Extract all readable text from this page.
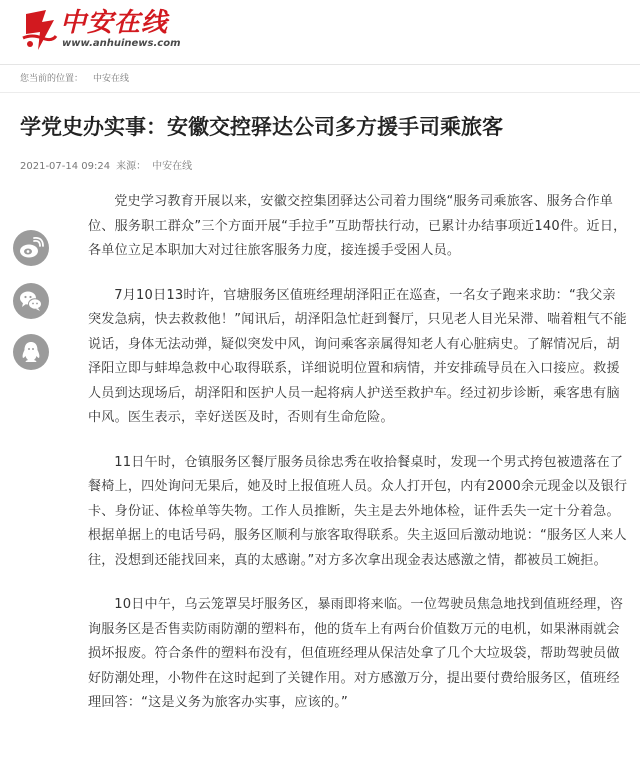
中安在线
www.anhuinews.com
您当前的位置： 中安在线
学党史办实事：安徽交控驿达公司多方援手司乘旅客
2021-07-14 09:24 来源： 中安在线

党史学习教育开展以来，安徽交控集团驿达公司着力围绕“服务司乘旅客、服务合作单位、服务职工群众”三个方面开展“手拉手”互助帮扶行动，已累计办结事项近140件。近日，各单位立足本职加大对过往旅客服务力度，接连援手受困人员。

7月10日13时许，官塘服务区值班经理胡泽阳正在巡查，一名女子跑来求助：“我父亲突发急病，快去救救他！”闻讯后，胡泽阳急忙赶到餐厅，只见老人目光呆滞、喘着粗气不能说话，身体无法动弹，疑似突发中风，询问乘客亲属得知老人有心脏病史。了解情况后，胡泽阳立即与蚌埠急救中心取得联系，详细说明位置和病情，并安排疏导员在入口接应。救援人员到达现场后，胡泽阳和医护人员一起将病人护送至救护车。经过初步诊断，乘客患有脑中风。医生表示，幸好送医及时，否则有生命危险。

11日午时，仓镇服务区餐厅服务员徐忠秀在收拾餐桌时，发现一个男式挎包被遗落在了餐椅上，四处询问无果后，她及时上报值班人员。众人打开包，内有2000余元现金以及银行卡、身份证、体检单等失物。工作人员推断，失主是去外地体检，证件丢失一定十分着急。根据单据上的电话号码，服务区顺利与旅客取得联系。失主返回后激动地说：“服务区人来人往，没想到还能找回来，真的太感谢。”对方多次拿出现金表达感激之情，都被员工婉拒。

10日中午，乌云笼罩吴圩服务区，暴雨即将来临。一位驾驶员焦急地找到值班经理，咨询服务区是否售卖防雨防潮的塑料布，他的货车上有两台价值数万元的电机，如果淋雨就会损坏报废。符合条件的塑料布没有，但值班经理从保洁处拿了几个大垃圾袋，帮助驾驶员做好防潮处理，小物件在这时起到了关键作用。对方感激万分，提出要付费给服务区，值班经理回答：“这是义务为旅客办实事，应该的。”
